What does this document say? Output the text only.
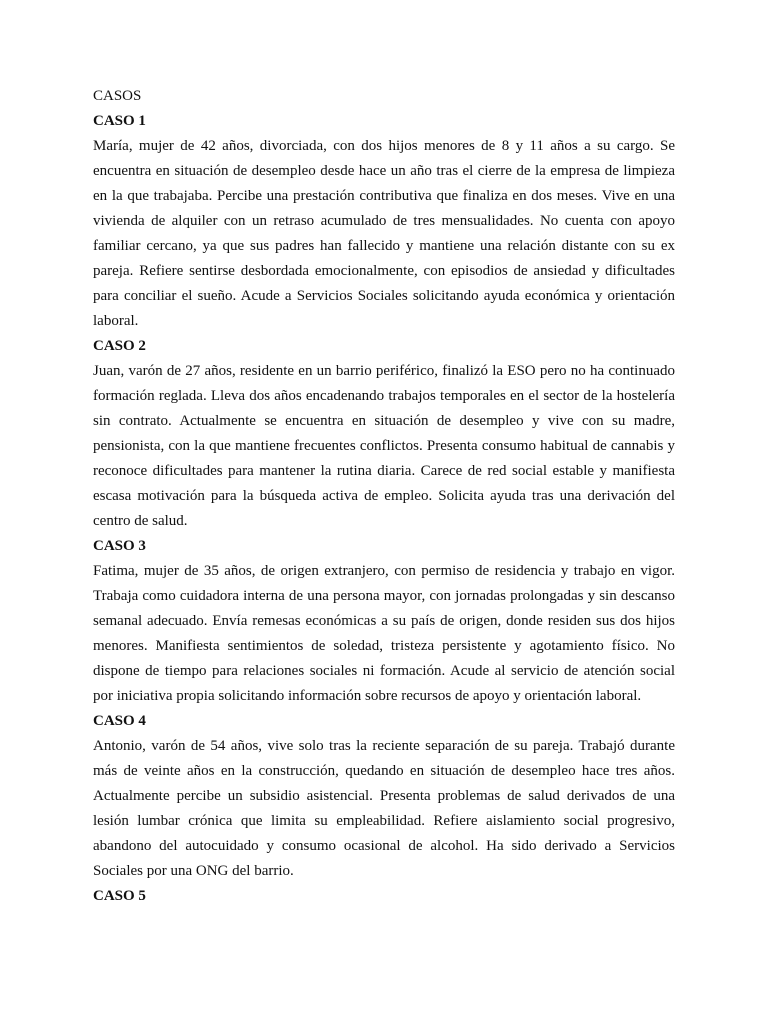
CASOS

CASO 1

María, mujer de 42 años, divorciada, con dos hijos menores de 8 y 11 años a su cargo. Se encuentra en situación de desempleo desde hace un año tras el cierre de la empresa de limpieza en la que trabajaba. Percibe una prestación contributiva que finaliza en dos meses. Vive en una vivienda de alquiler con un retraso acumulado de tres mensualidades. No cuenta con apoyo familiar cercano, ya que sus padres han fallecido y mantiene una relación distante con su ex pareja. Refiere sentirse desbordada emocionalmente, con episodios de ansiedad y dificultades para conciliar el sueño. Acude a Servicios Sociales solicitando ayuda económica y orientación laboral.

CASO 2

Juan, varón de 27 años, residente en un barrio periférico, finalizó la ESO pero no ha continuado formación reglada. Lleva dos años encadenando trabajos temporales en el sector de la hostelería sin contrato. Actualmente se encuentra en situación de desempleo y vive con su madre, pensionista, con la que mantiene frecuentes conflictos. Presenta consumo habitual de cannabis y reconoce dificultades para mantener la rutina diaria. Carece de red social estable y manifiesta escasa motivación para la búsqueda activa de empleo. Solicita ayuda tras una derivación del centro de salud.

CASO 3

Fatima, mujer de 35 años, de origen extranjero, con permiso de residencia y trabajo en vigor. Trabaja como cuidadora interna de una persona mayor, con jornadas prolongadas y sin descanso semanal adecuado. Envía remesas económicas a su país de origen, donde residen sus dos hijos menores. Manifiesta sentimientos de soledad, tristeza persistente y agotamiento físico. No dispone de tiempo para relaciones sociales ni formación. Acude al servicio de atención social por iniciativa propia solicitando información sobre recursos de apoyo y orientación laboral.

CASO 4

Antonio, varón de 54 años, vive solo tras la reciente separación de su pareja. Trabajó durante más de veinte años en la construcción, quedando en situación de desempleo hace tres años. Actualmente percibe un subsidio asistencial. Presenta problemas de salud derivados de una lesión lumbar crónica que limita su empleabilidad. Refiere aislamiento social progresivo, abandono del autocuidado y consumo ocasional de alcohol. Ha sido derivado a Servicios Sociales por una ONG del barrio.

CASO 5
